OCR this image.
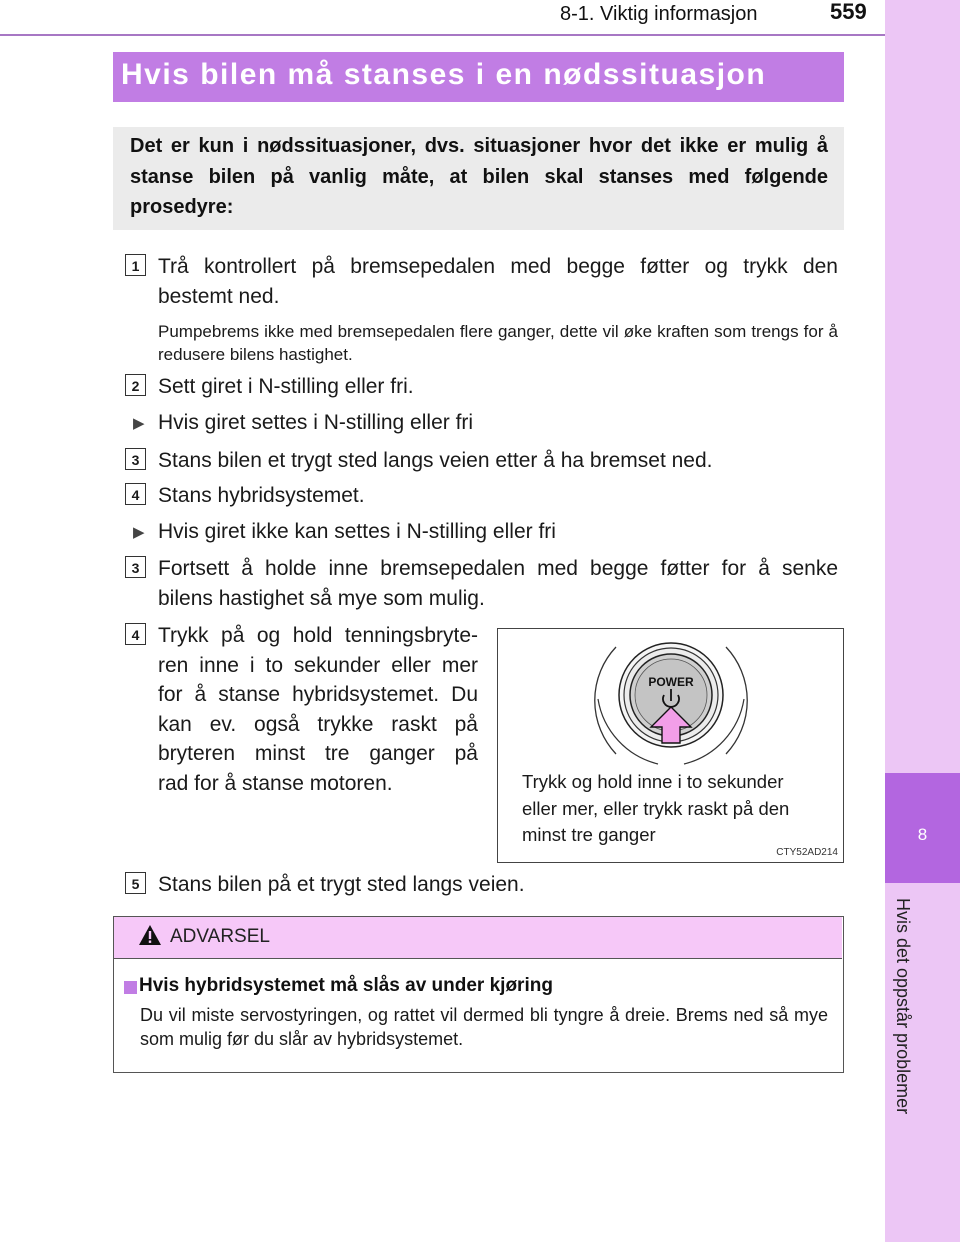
8-1. Viktig informasjon	559
8
Hvis det oppstår problemer
Hvis bilen må stanses i en nødssituasjon

Det er kun i nødssituasjoner, dvs. situasjoner hvor det ikke er mulig å stanse bilen på vanlig måte, at bilen skal stanses med følgende prosedyre:

1 Trå kontrollert på bremsepedalen med begge føtter og trykk den
bestemt ned.
Pumpebrems ikke med bremsepedalen flere ganger, dette vil øke kraften som trengs for å redusere bilens hastighet.
2 Sett giret i N-stilling eller fri.
▶ Hvis giret settes i N-stilling eller fri
3 Stans bilen et trygt sted langs veien etter å ha bremset ned.
4 Stans hybridsystemet.
▶ Hvis giret ikke kan settes i N-stilling eller fri
3 Fortsett å holde inne bremsepedalen med begge føtter for å senke
bilens hastighet så mye som mulig.
4 Trykk på og hold tenningsbryte-
ren inne i to sekunder eller mer
for å stanse hybridsystemet. Du
kan ev. også trykke raskt på
bryteren minst tre ganger på
rad for å stanse motoren.
POWER
Trykk og hold inne i to sekunder eller mer, eller trykk raskt på den minst tre ganger
CTY52AD214
5 Stans bilen på et trygt sted langs veien.
ADVARSEL
Hvis hybridsystemet må slås av under kjøring
Du vil miste servostyringen, og rattet vil dermed bli tyngre å dreie. Brems ned så mye som mulig før du slår av hybridsystemet.
